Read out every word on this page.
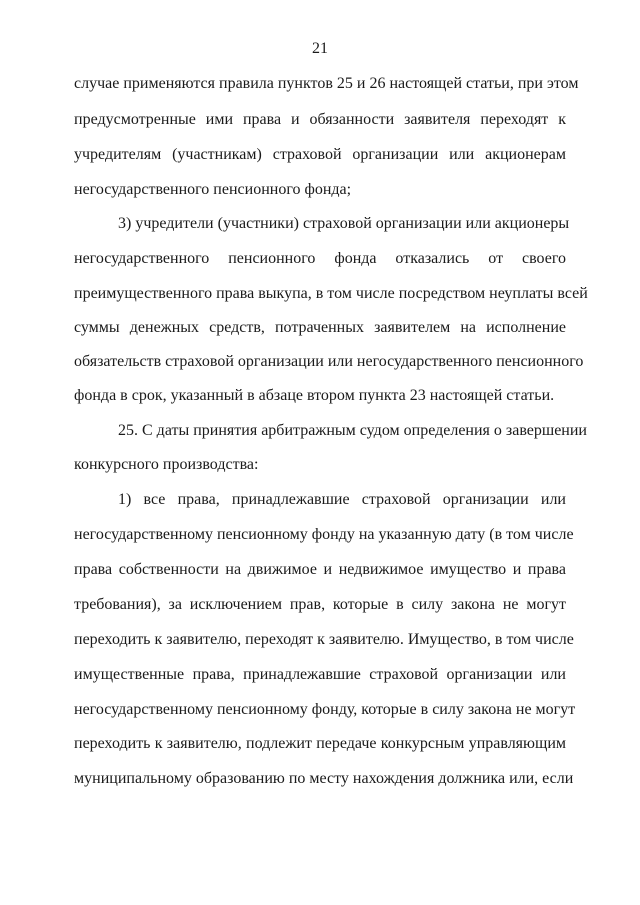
21
случае применяются правила пунктов 25 и 26 настоящей статьи, при этом
предусмотренные ими права и обязанности заявителя переходят к
учредителям (участникам) страховой организации или акционерам
негосударственного пенсионного фонда;
3) учредители (участники) страховой организации или акционеры
негосударственного пенсионного фонда отказались от своего
преимущественного права выкупа, в том числе посредством неуплаты всей
суммы денежных средств, потраченных заявителем на исполнение
обязательств страховой организации или негосударственного пенсионного
фонда в срок, указанный в абзаце втором пункта 23 настоящей статьи.
25. С даты принятия арбитражным судом определения о завершении
конкурсного производства:
1) все права, принадлежавшие страховой организации или
негосударственному пенсионному фонду на указанную дату (в том числе
права собственности на движимое и недвижимое имущество и права
требования), за исключением прав, которые в силу закона не могут
переходить к заявителю, переходят к заявителю. Имущество, в том числе
имущественные права, принадлежавшие страховой организации или
негосударственному пенсионному фонду, которые в силу закона не могут
переходить к заявителю, подлежит передаче конкурсным управляющим
муниципальному образованию по месту нахождения должника или, если
